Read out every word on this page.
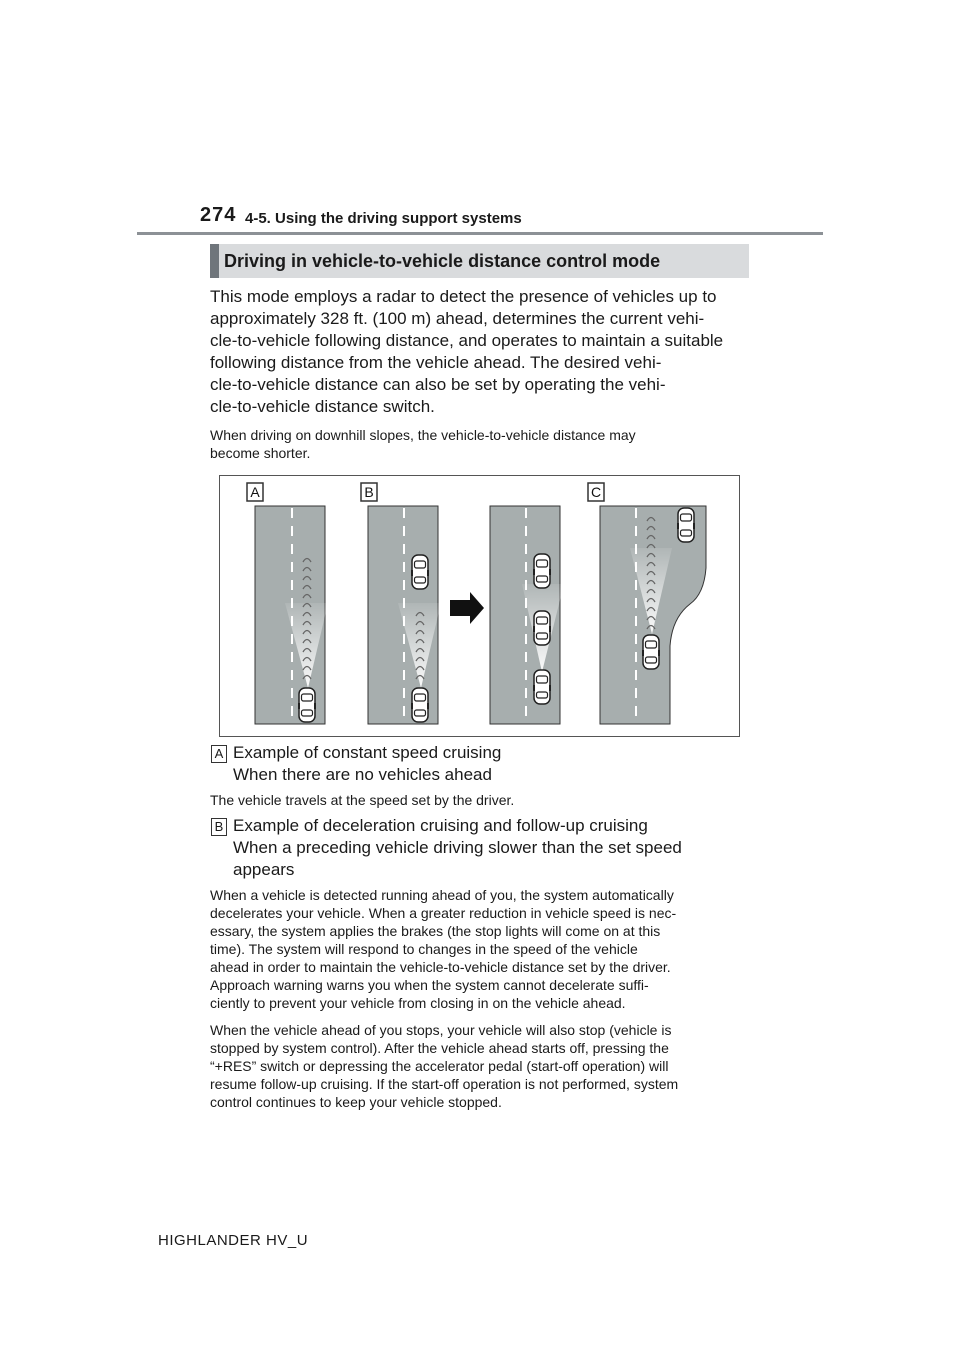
274 4-5. Using the driving support systems
Driving in vehicle-to-vehicle distance control mode
This mode employs a radar to detect the presence of vehicles up to
approximately 328 ft. (100 m) ahead, determines the current vehi-
cle-to-vehicle following distance, and operates to maintain a suitable
following distance from the vehicle ahead. The desired vehi-
cle-to-vehicle distance can also be set by operating the vehi-
cle-to-vehicle distance switch.
When driving on downhill slopes, the vehicle-to-vehicle distance may
become shorter.
A	B	C
A Example of constant speed cruising
When there are no vehicles ahead
The vehicle travels at the speed set by the driver.
B Example of deceleration cruising and follow-up cruising
When a preceding vehicle driving slower than the set speed
appears
When a vehicle is detected running ahead of you, the system automatically
decelerates your vehicle. When a greater reduction in vehicle speed is nec-
essary, the system applies the brakes (the stop lights will come on at this
time). The system will respond to changes in the speed of the vehicle
ahead in order to maintain the vehicle-to-vehicle distance set by the driver.
Approach warning warns you when the system cannot decelerate suffi-
ciently to prevent your vehicle from closing in on the vehicle ahead.
When the vehicle ahead of you stops, your vehicle will also stop (vehicle is
stopped by system control). After the vehicle ahead starts off, pressing the
“+RES” switch or depressing the accelerator pedal (start-off operation) will
resume follow-up cruising. If the start-off operation is not performed, system
control continues to keep your vehicle stopped.
HIGHLANDER HV_U
